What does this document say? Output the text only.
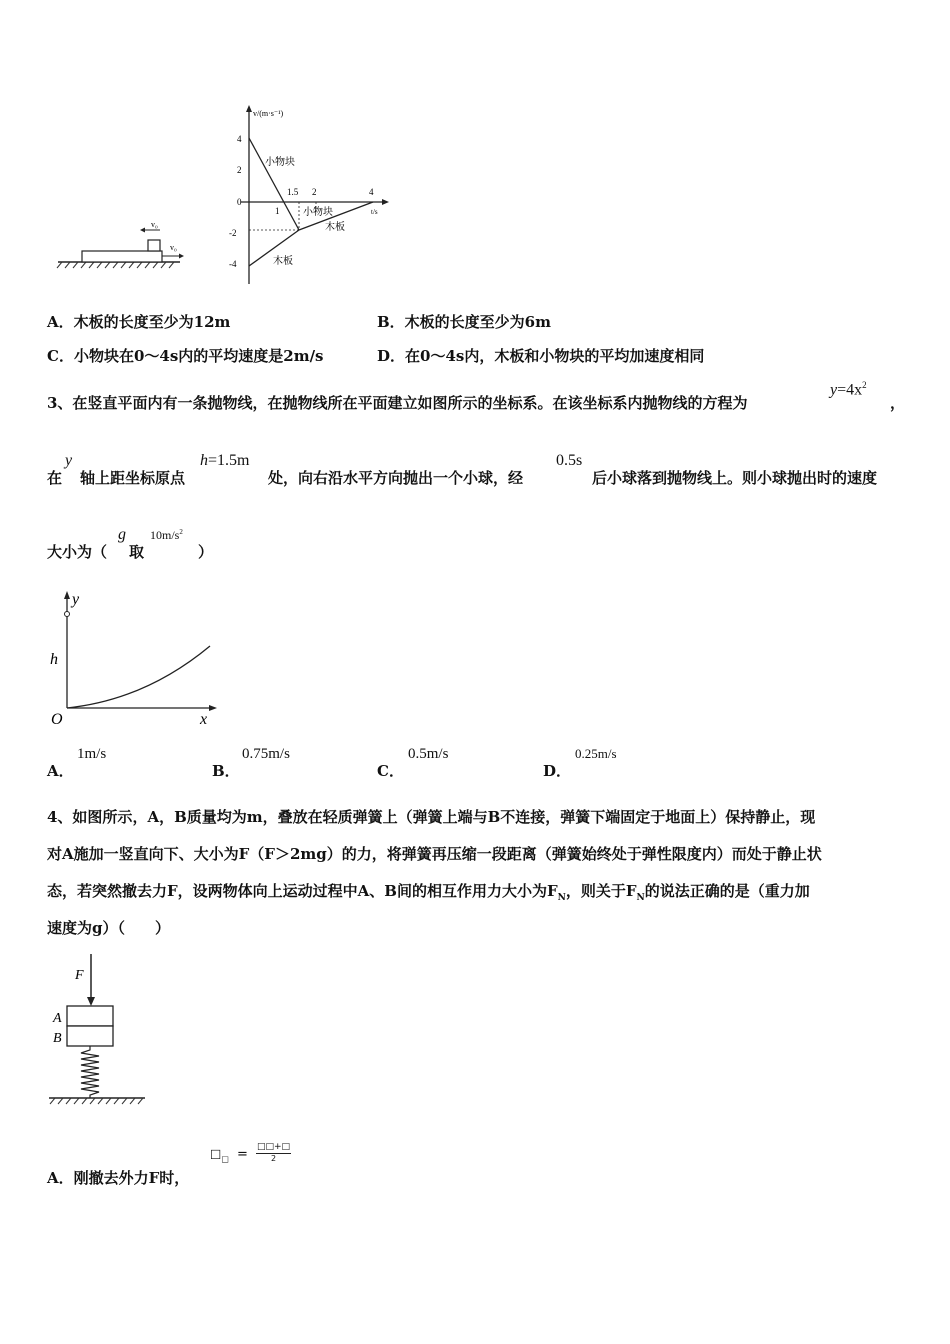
v₀
v₀
v/(m·s⁻¹)
t/s
4
2
0
-2
-4
1.5 2
1
4
小物块
小物块
木板
木板
A．木板的长度至少为12m	B．木板的长度至少为6m
C．小物块在0～4s内的平均速度是2m/s	D．在0～4s内，木板和小物块的平均加速度相同
3、在竖直平面内有一条抛物线，在抛物线所在平面建立如图所示的坐标系。在该坐标系内抛物线的方程为
$y=4x^2$
，
在
y
轴上距坐标原点
h=1.5m
处，向右沿水平方向抛出一个小球，经
0.5s
后小球落到抛物线上。则小球抛出时的速度
大小为（
g
取
$10m/s^2$
）
y
h
O	x
A．
1m/s
B．
0.75m/s
C．
0.5m/s
D．
0.25m/s
4、如图所示，A，B质量均为m，叠放在轻质弹簧上（弹簧上端与B不连接，弹簧下端固定于地面上）保持静止，现
对A施加一竖直向下、大小为F（F＞2mg）的力，将弹簧再压缩一段距离（弹簧始终处于弹性限度内）而处于静止状
态，若突然撤去力F，设两物体向上运动过程中A、B间的相互作用力大小为$F_N$，则关于$F_N$的说法正确的是（重力加
速度为g）（　　）
F
A
B
A．刚撤去外力F时，
$□_□$ = □□+□
2
